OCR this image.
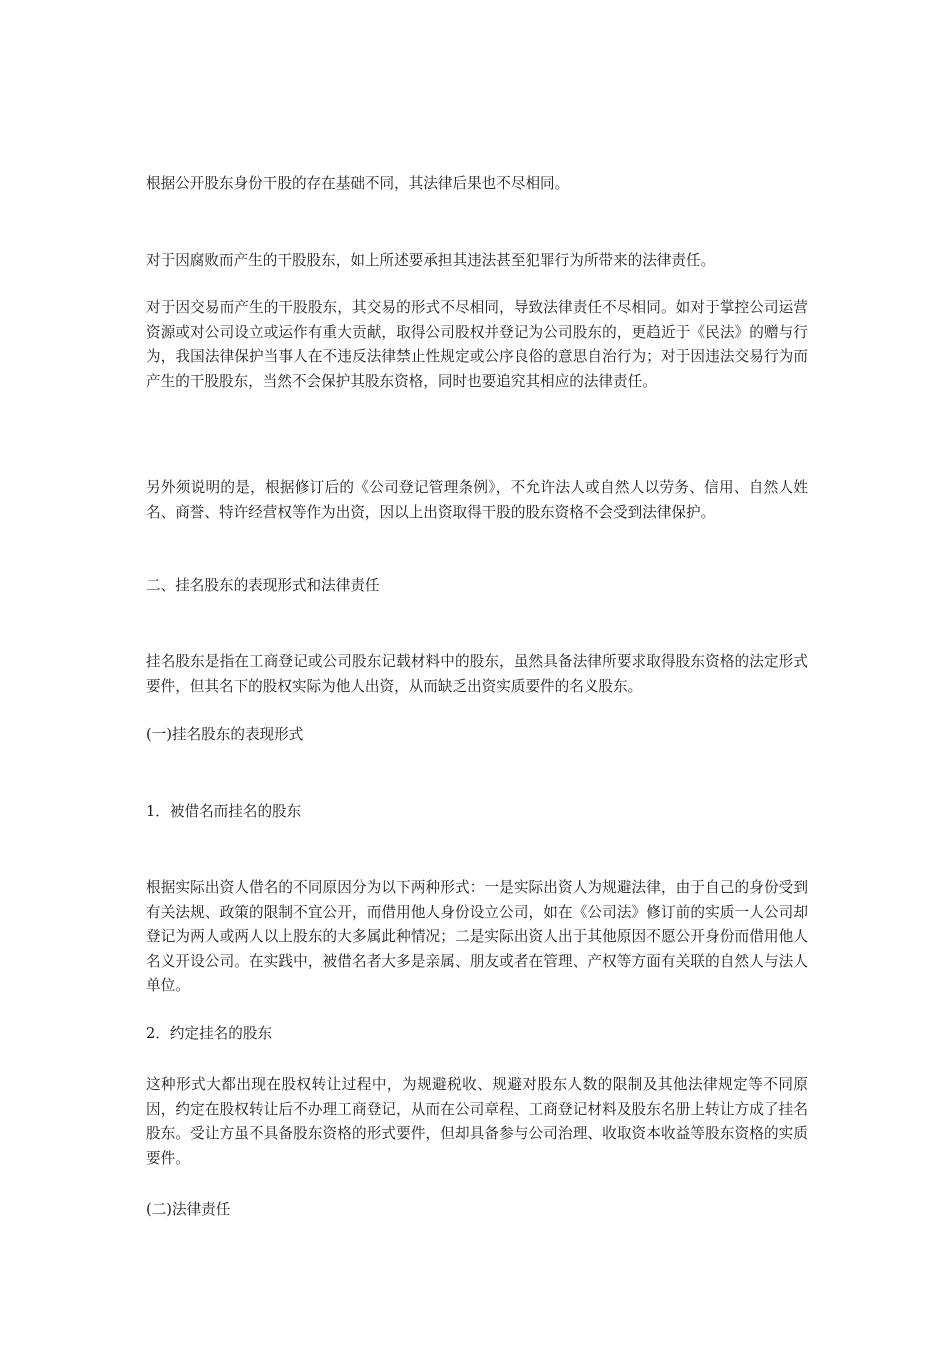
根据公开股东身份干股的存在基础不同，其法律后果也不尽相同。

对于因腐败而产生的干股股东，如上所述要承担其违法甚至犯罪行为所带来的法律责任。

对于因交易而产生的干股股东，其交易的形式不尽相同，导致法律责任不尽相同。如对于掌控公司运营资源或对公司设立或运作有重大贡献，取得公司股权并登记为公司股东的，更趋近于《民法》的赠与行为，我国法律保护当事人在不违反法律禁止性规定或公序良俗的意思自治行为；对于因违法交易行为而产生的干股股东，当然不会保护其股东资格，同时也要追究其相应的法律责任。

另外须说明的是，根据修订后的《公司登记管理条例》，不允许法人或自然人以劳务、信用、自然人姓名、商誉、特许经营权等作为出资，因以上出资取得干股的股东资格不会受到法律保护。

二、挂名股东的表现形式和法律责任

挂名股东是指在工商登记或公司股东记载材料中的股东，虽然具备法律所要求取得股东资格的法定形式要件，但其名下的股权实际为他人出资，从而缺乏出资实质要件的名义股东。

(一)挂名股东的表现形式

1．被借名而挂名的股东

根据实际出资人借名的不同原因分为以下两种形式：一是实际出资人为规避法律，由于自己的身份受到有关法规、政策的限制不宜公开，而借用他人身份设立公司，如在《公司法》修订前的实质一人公司却登记为两人或两人以上股东的大多属此种情况；二是实际出资人出于其他原因不愿公开身份而借用他人名义开设公司。在实践中，被借名者大多是亲属、朋友或者在管理、产权等方面有关联的自然人与法人单位。

2．约定挂名的股东

这种形式大都出现在股权转让过程中，为规避税收、规避对股东人数的限制及其他法律规定等不同原因，约定在股权转让后不办理工商登记，从而在公司章程、工商登记材料及股东名册上转让方成了挂名股东。受让方虽不具备股东资格的形式要件，但却具备参与公司治理、收取资本收益等股东资格的实质要件。

(二)法律责任
